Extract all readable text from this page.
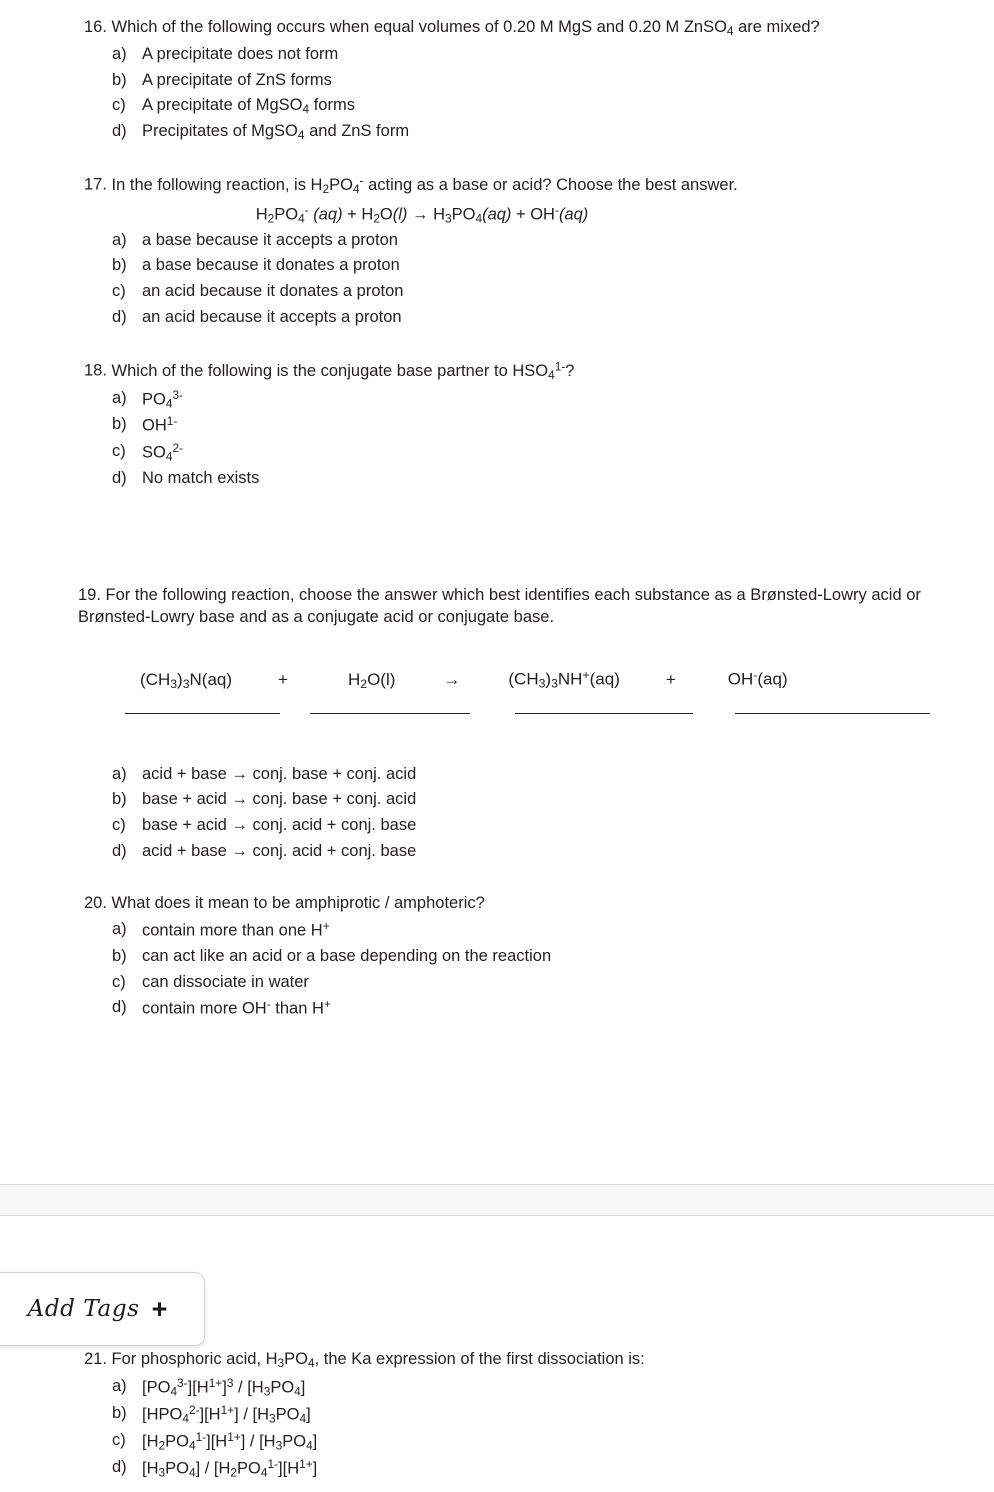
16. Which of the following occurs when equal volumes of 0.20 M MgS and 0.20 M ZnSO$_4$ are mixed?
a) A precipitate does not form
b) A precipitate of ZnS forms
c) A precipitate of MgSO$_4$ forms
d) Precipitates of MgSO$_4$ and ZnS form
17. In the following reaction, is $H_2PO_4^-$ acting as a base or acid? Choose the best answer.
$H_2PO_4^-$ $(aq) + H_2O(l) \to H_3PO_4(aq) + OH^-(aq)$
a) a base because it accepts a proton
b) a base because it donates a proton
c) an acid because it donates a proton
d) an acid because it accepts a proton
18. Which of the following is the conjugate base partner to $HSO_4^{1-}$?
a) $PO_4^{3-}$
b) $OH^{1-}$
c) $SO_4^{2-}$
d) No match exists
19. For the following reaction, choose the answer which best identifies each substance as a Brønsted-Lowry acid or Brønsted-Lowry base and as a conjugate acid or conjugate base.
$(CH_3)_3N(aq)$	+	$H_2O(l)$	→	$(CH_3)_3NH^+(aq)$	+	OH-(aq)
a) acid + base → conj. base + conj. acid
b) base + acid → conj. base + conj. acid
c) base + acid → conj. acid + conj. base
d) acid + base → conj. acid + conj. base
20. What does it mean to be amphiprotic / amphoteric?
a) contain more than one H+
b) can act like an acid or a base depending on the reaction
c) can dissociate in water
d) contain more OH- than H+
Add Tags +
21. For phosphoric acid, $H_3PO_4$, the Ka expression of the first dissociation is:
a) $[PO_4^{3-}][H^{1+}]^3 / [H_3PO_4]$
b) $[HPO_4^{2-}][H^{1+}] / [H_3PO_4]$
c) $[H_2PO_4^{1-}][H^{1+}] / [H_3PO_4]$
d) $[H_3PO_4] / [H_2PO_4^{1-}][H^{1+}]$
